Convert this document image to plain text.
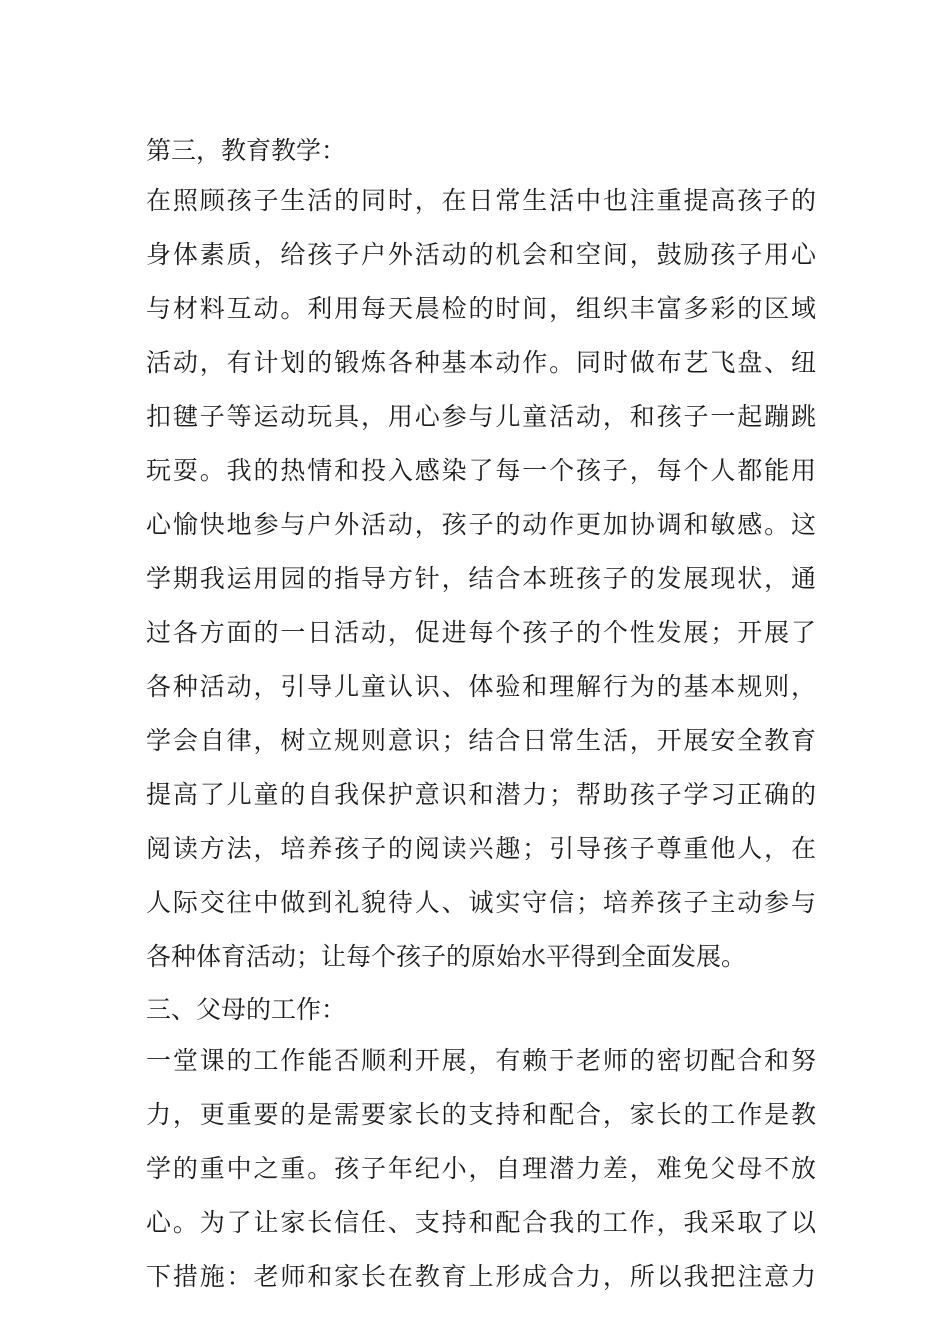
第三，教育教学：
在照顾孩子生活的同时，在日常生活中也注重提高孩子的
身体素质，给孩子户外活动的机会和空间，鼓励孩子用心
与材料互动。利用每天晨检的时间，组织丰富多彩的区域
活动，有计划的锻炼各种基本动作。同时做布艺飞盘、纽
扣毽子等运动玩具，用心参与儿童活动，和孩子一起蹦跳
玩耍。我的热情和投入感染了每一个孩子，每个人都能用
心愉快地参与户外活动，孩子的动作更加协调和敏感。这
学期我运用园的指导方针，结合本班孩子的发展现状，通
过各方面的一日活动，促进每个孩子的个性发展；开展了
各种活动，引导儿童认识、体验和理解行为的基本规则，
学会自律，树立规则意识；结合日常生活，开展安全教育
提高了儿童的自我保护意识和潜力；帮助孩子学习正确的
阅读方法，培养孩子的阅读兴趣；引导孩子尊重他人，在
人际交往中做到礼貌待人、诚实守信；培养孩子主动参与
各种体育活动；让每个孩子的原始水平得到全面发展。
三、父母的工作：
一堂课的工作能否顺利开展，有赖于老师的密切配合和努
力，更重要的是需要家长的支持和配合，家长的工作是教
学的重中之重。孩子年纪小，自理潜力差，难免父母不放
心。为了让家长信任、支持和配合我的工作，我采取了以
下措施：老师和家长在教育上形成合力，所以我把注意力
